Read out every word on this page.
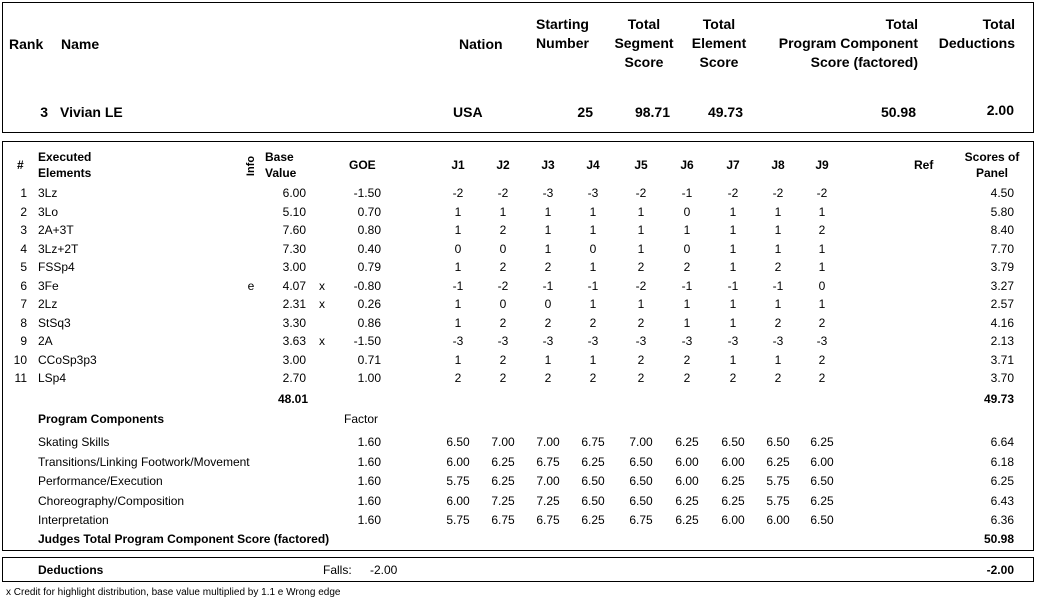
Rank Name	Nation
Starting
Number
Total
Segment
Score
Total
Element
Score
Total
Program Component
Score (factored)
Total
Deductions
3 Vivian LE	USA	25	98.71	49.73	50.98	2.00
#
Executed
Elements	Info Base
Value
GOE	J1	J2	J3	J4	J5	J6	J7	J8	J9	Ref
Scores of
Panel
1 3Lz	6.00	-1.50	-2	-2	-3	-3	-2	-1	-2	-2	-2	4.50
2 3Lo	5.10	0.70	1	1	1	1	1	0	1	1	1	5.80
3 2A+3T	7.60	0.80	1	2	1	1	1	1	1	1	2	8.40
4 3Lz+2T	7.30	0.40	0	0	1	0	1	0	1	1	1	7.70
5 FSSp4	3.00	0.79	1	2	2	1	2	2	1	2	1	3.79
6 3Fe	e	4.07	x	-0.80	-1	-2	-1	-1	-2	-1	-1	-1	0	3.27
7 2Lz	2.31	x	0.26	1	0	0	1	1	1	1	1	1	2.57
8 StSq3	3.30	0.86	1	2	2	2	2	1	1	2	2	4.16
9 2A	3.63	x	-1.50	-3	-3	-3	-3	-3	-3	-3	-3	-3	2.13
10 CCoSp3p3	3.00	0.71	1	2	1	1	2	2	1	1	2	3.71
11 LSp4	2.70	1.00	2	2	2	2	2	2	2	2	2	3.70
48.01	49.73
Program Components	Factor
Skating Skills	1.60	6.50	7.00	7.00	6.75	7.00	6.25	6.50	6.50	6.25	6.64
Transitions/Linking Footwork/Movement	1.60	6.00	6.25	6.75	6.25	6.50	6.00	6.00	6.25	6.00	6.18
Performance/Execution	1.60	5.75	6.25	7.00	6.50	6.50	6.00	6.25	5.75	6.50	6.25
Choreography/Composition	1.60	6.00	7.25	7.25	6.50	6.50	6.25	6.25	5.75	6.25	6.43
Interpretation	1.60	5.75	6.75	6.75	6.25	6.75	6.25	6.00	6.00	6.50	6.36
Judges Total Program Component Score (factored)	50.98
Deductions	Falls: -2.00	-2.00
x Credit for highlight distribution, base value multiplied by 1.1 e Wrong edge
